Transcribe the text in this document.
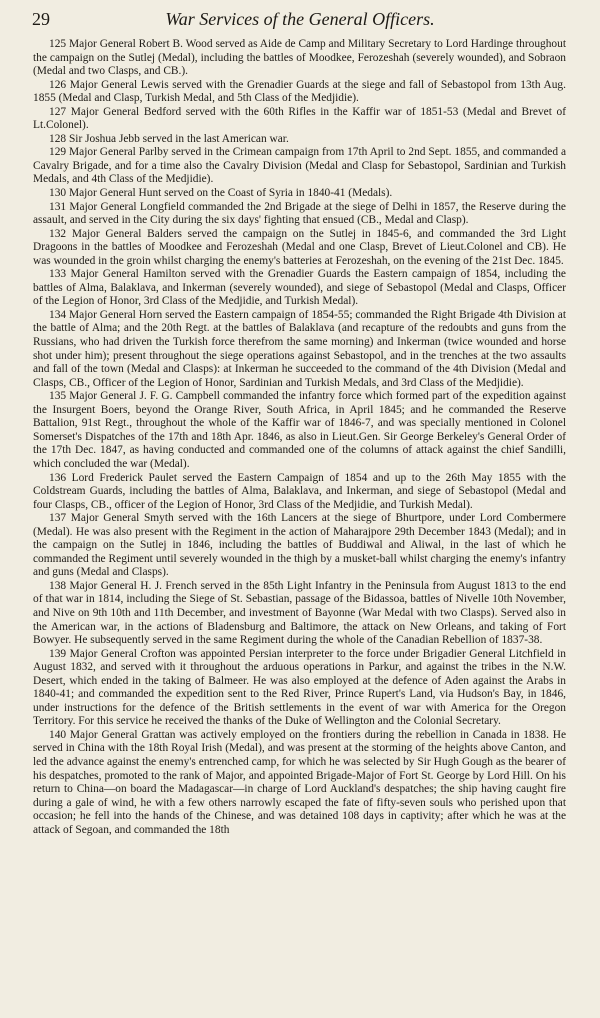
29	War Services of the General Officers.

125 Major General Robert B. Wood served as Aide de Camp and Military Secretary to Lord Hardinge throughout the campaign on the Sutlej (Medal), including the battles of Moodkee, Ferozeshah (severely wounded), and Sobraon (Medal and two Clasps, and CB.).

126 Major General Lewis served with the Grenadier Guards at the siege and fall of Sebastopol from 13th Aug. 1855 (Medal and Clasp, Turkish Medal, and 5th Class of the Medjidie).

127 Major General Bedford served with the 60th Rifles in the Kaffir war of 1851-53 (Medal and Brevet of Lt.Colonel).

128 Sir Joshua Jebb served in the last American war.

129 Major General Parlby served in the Crimean campaign from 17th April to 2nd Sept. 1855, and commanded a Cavalry Brigade, and for a time also the Cavalry Division (Medal and Clasp for Sebastopol, Sardinian and Turkish Medals, and 4th Class of the Medjidie).

130 Major General Hunt served on the Coast of Syria in 1840-41 (Medals).

131 Major General Longfield commanded the 2nd Brigade at the siege of Delhi in 1857, the Reserve during the assault, and served in the City during the six days' fighting that ensued (CB., Medal and Clasp).

132 Major General Balders served the campaign on the Sutlej in 1845-6, and commanded the 3rd Light Dragoons in the battles of Moodkee and Ferozeshah (Medal and one Clasp, Brevet of Lieut.Colonel and CB). He was wounded in the groin whilst charging the enemy's batteries at Ferozeshah, on the evening of the 21st Dec. 1845.

133 Major General Hamilton served with the Grenadier Guards the Eastern campaign of 1854, including the battles of Alma, Balaklava, and Inkerman (severely wounded), and siege of Sebastopol (Medal and Clasps, Officer of the Legion of Honor, 3rd Class of the Medjidie, and Turkish Medal).

134 Major General Horn served the Eastern campaign of 1854-55; commanded the Right Brigade 4th Division at the battle of Alma; and the 20th Regt. at the battles of Balaklava (and recapture of the redoubts and guns from the Russians, who had driven the Turkish force therefrom the same morning) and Inkerman (twice wounded and horse shot under him); present throughout the siege operations against Sebastopol, and in the trenches at the two assaults and fall of the town (Medal and Clasps): at Inkerman he succeeded to the command of the 4th Division (Medal and Clasps, CB., Officer of the Legion of Honor, Sardinian and Turkish Medals, and 3rd Class of the Medjidie).

135 Major General J. F. G. Campbell commanded the infantry force which formed part of the expedition against the Insurgent Boers, beyond the Orange River, South Africa, in April 1845; and he commanded the Reserve Battalion, 91st Regt., throughout the whole of the Kaffir war of 1846-7, and was specially mentioned in Colonel Somerset's Dispatches of the 17th and 18th Apr. 1846, as also in Lieut.Gen. Sir George Berkeley's General Order of the 17th Dec. 1847, as having conducted and commanded one of the columns of attack against the chief Sandilli, which concluded the war (Medal).

136 Lord Frederick Paulet served the Eastern Campaign of 1854 and up to the 26th May 1855 with the Coldstream Guards, including the battles of Alma, Balaklava, and Inkerman, and siege of Sebastopol (Medal and four Clasps, CB., officer of the Legion of Honor, 3rd Class of the Medjidie, and Turkish Medal).

137 Major General Smyth served with the 16th Lancers at the siege of Bhurtpore, under Lord Combermere (Medal). He was also present with the Regiment in the action of Maharajpore 29th December 1843 (Medal); and in the campaign on the Sutlej in 1846, including the battles of Buddiwal and Aliwal, in the last of which he commanded the Regiment until severely wounded in the thigh by a musket-ball whilst charging the enemy's infantry and guns (Medal and Clasps).

138 Major General H. J. French served in the 85th Light Infantry in the Peninsula from August 1813 to the end of that war in 1814, including the Siege of St. Sebastian, passage of the Bidassoa, battles of Nivelle 10th November, and Nive on 9th 10th and 11th December, and investment of Bayonne (War Medal with two Clasps). Served also in the American war, in the actions of Bladensburg and Baltimore, the attack on New Orleans, and taking of Fort Bowyer. He subsequently served in the same Regiment during the whole of the Canadian Rebellion of 1837-38.

139 Major General Crofton was appointed Persian interpreter to the force under Brigadier General Litchfield in August 1832, and served with it throughout the arduous operations in Parkur, and against the tribes in the N.W. Desert, which ended in the taking of Balmeer. He was also employed at the defence of Aden against the Arabs in 1840-41; and commanded the expedition sent to the Red River, Prince Rupert's Land, via Hudson's Bay, in 1846, under instructions for the defence of the British settlements in the event of war with America for the Oregon Territory. For this service he received the thanks of the Duke of Wellington and the Colonial Secretary.

140 Major General Grattan was actively employed on the frontiers during the rebellion in Canada in 1838. He served in China with the 18th Royal Irish (Medal), and was present at the storming of the heights above Canton, and led the advance against the enemy's entrenched camp, for which he was selected by Sir Hugh Gough as the bearer of his despatches, promoted to the rank of Major, and appointed Brigade-Major of Fort St. George by Lord Hill. On his return to China—on board the Madagascar—in charge of Lord Auckland's despatches; the ship having caught fire during a gale of wind, he with a few others narrowly escaped the fate of fifty-seven souls who perished upon that occasion; he fell into the hands of the Chinese, and was detained 108 days in captivity; after which he was at the attack of Segoan, and commanded the 18th
